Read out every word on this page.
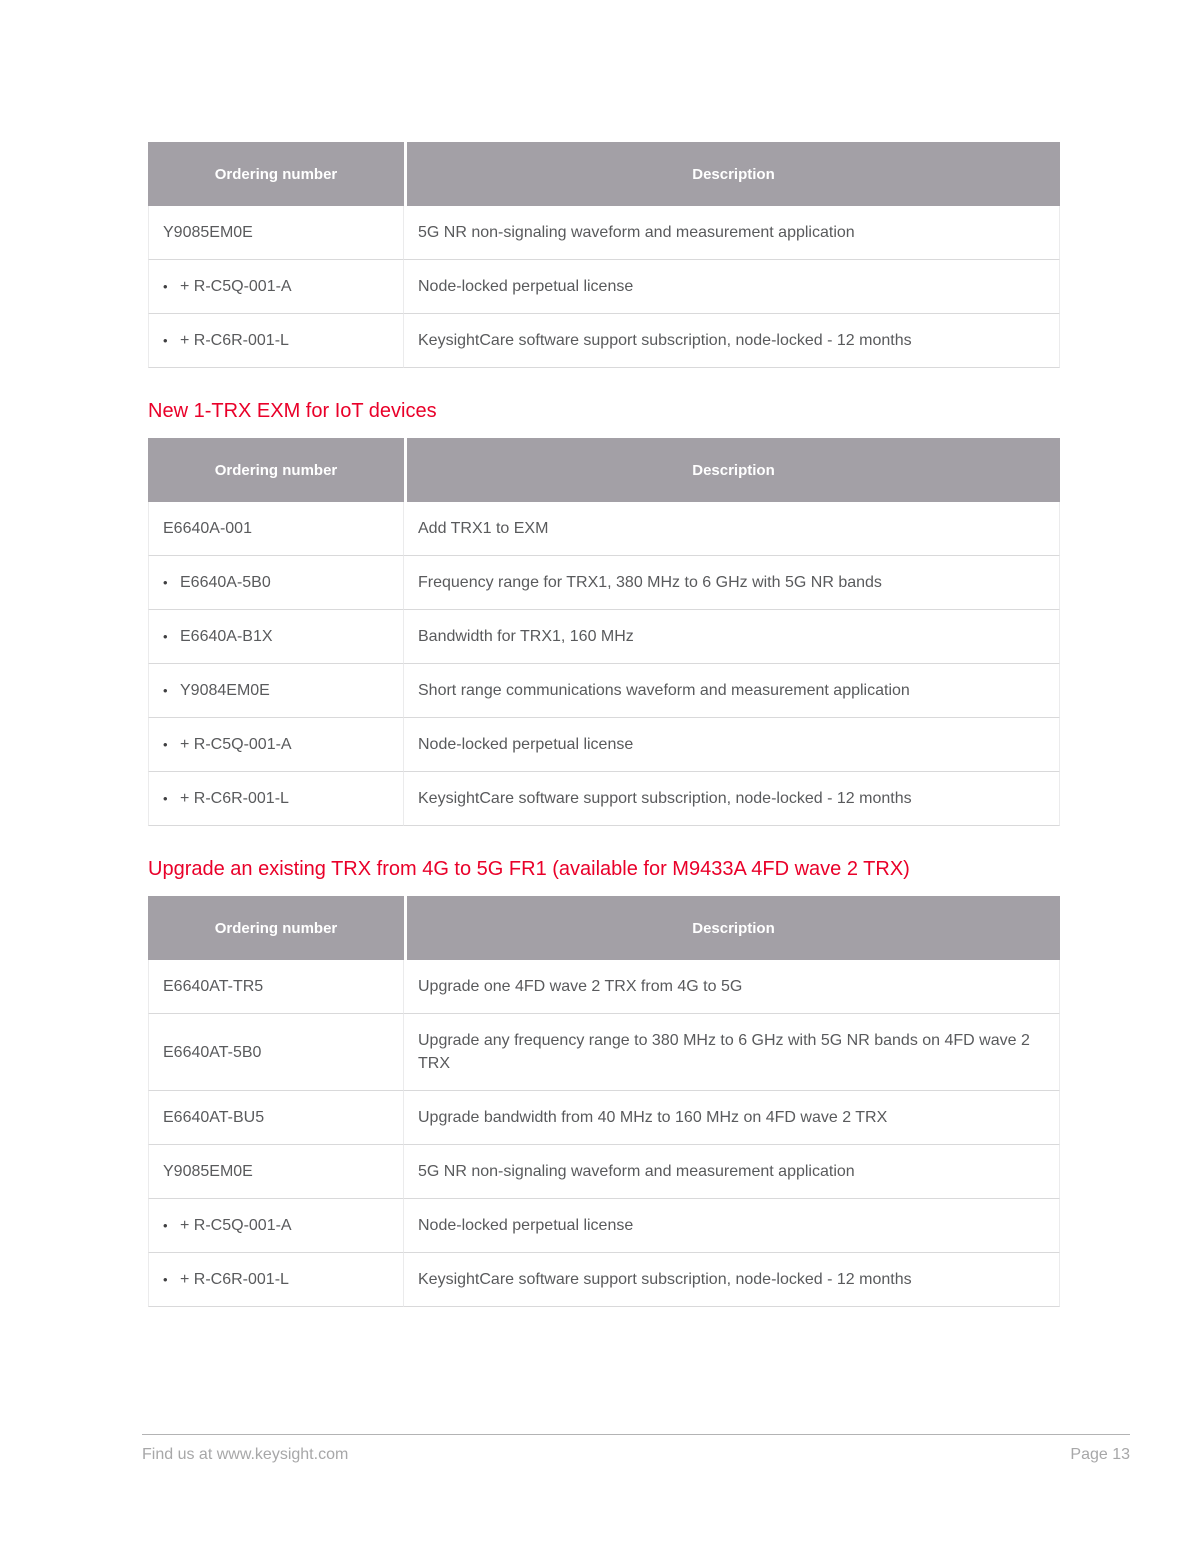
Ordering number	Description
Y9085EM0E	5G NR non-signaling waveform and measurement application
• + R-C5Q-001-A	Node-locked perpetual license
• + R-C6R-001-L	KeysightCare software support subscription, node-locked - 12 months
New 1-TRX EXM for IoT devices
Ordering number	Description
E6640A-001	Add TRX1 to EXM
• E6640A-5B0	Frequency range for TRX1, 380 MHz to 6 GHz with 5G NR bands
• E6640A-B1X	Bandwidth for TRX1, 160 MHz
• Y9084EM0E	Short range communications waveform and measurement application
• + R-C5Q-001-A	Node-locked perpetual license
• + R-C6R-001-L	KeysightCare software support subscription, node-locked - 12 months
Upgrade an existing TRX from 4G to 5G FR1 (available for M9433A 4FD wave 2 TRX)
Ordering number	Description
E6640AT-TR5	Upgrade one 4FD wave 2 TRX from 4G to 5G
E6640AT-5B0	Upgrade any frequency range to 380 MHz to 6 GHz with 5G NR bands on 4FD wave 2 TRX
E6640AT-BU5	Upgrade bandwidth from 40 MHz to 160 MHz on 4FD wave 2 TRX
Y9085EM0E	5G NR non-signaling waveform and measurement application
• + R-C5Q-001-A	Node-locked perpetual license
• + R-C6R-001-L	KeysightCare software support subscription, node-locked - 12 months
Find us at www.keysight.com	Page 13
